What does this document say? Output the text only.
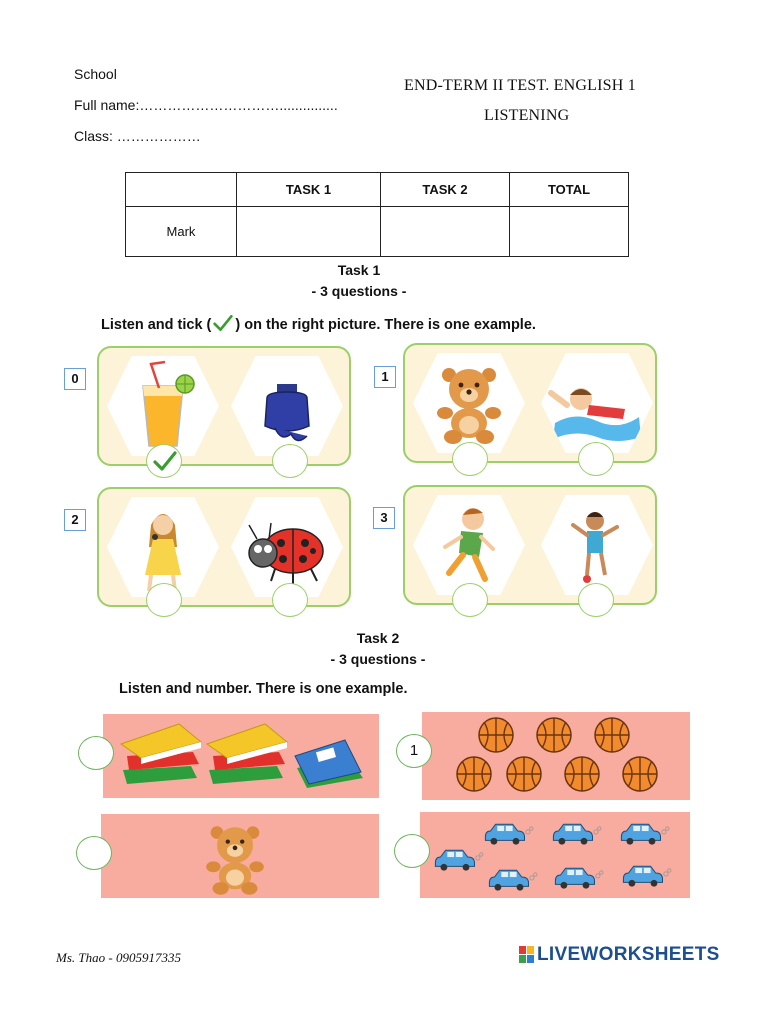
School
Full name:…………………………...............
Class: ………………
END-TERM II TEST. ENGLISH 1
LISTENING
	TASK 1	TASK 2	TOTAL
Mark			
Task 1
- 3 questions -
Listen and tick ( ) on the right picture. There is one example.
0	1
2	3
Task 2
- 3 questions -
Listen and number. There is one example.
1
Ms. Thao - 0905917335	LIVEWORKSHEETS
